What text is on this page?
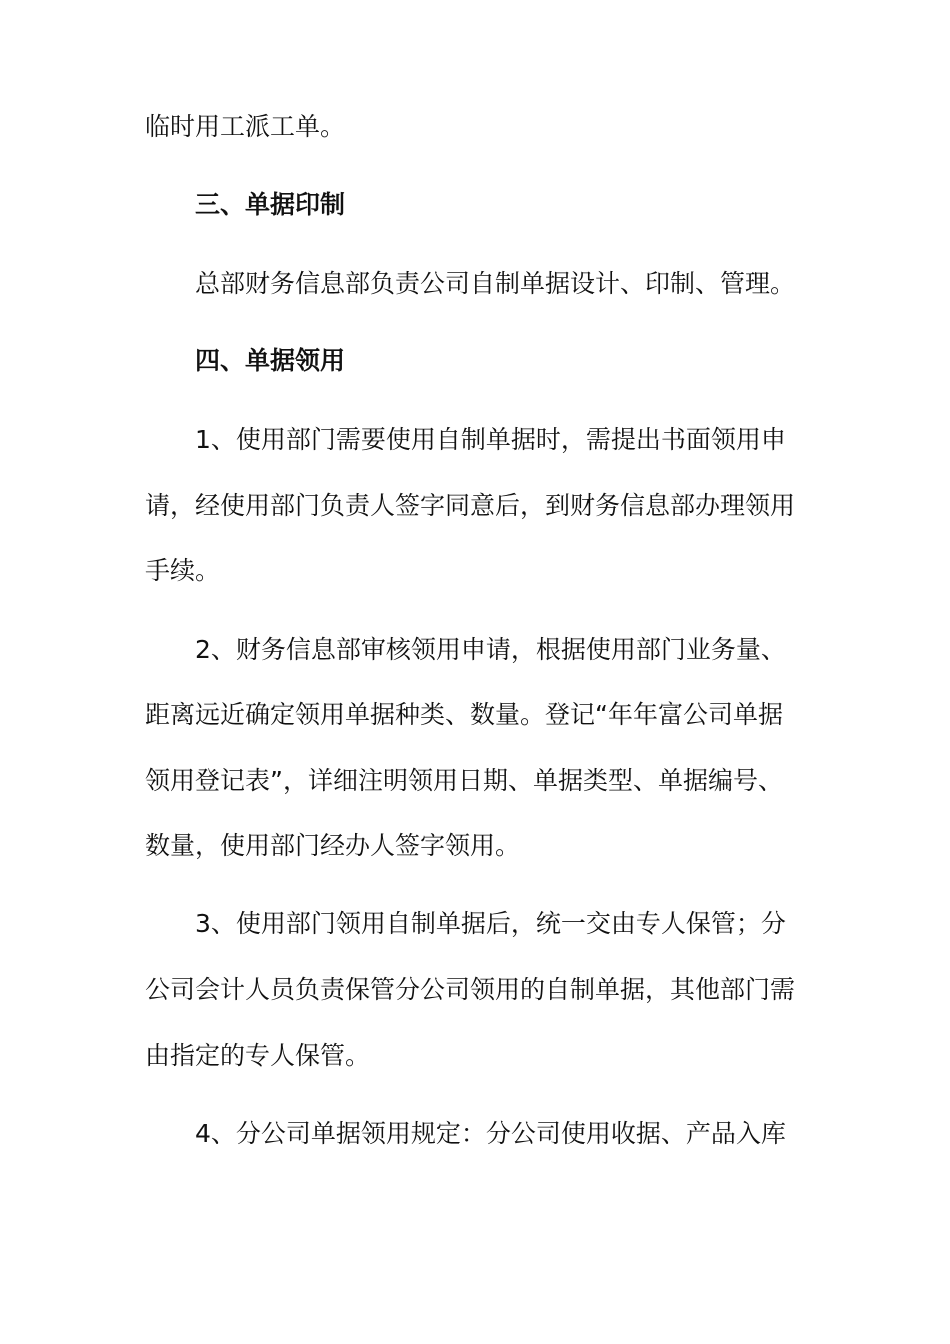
临时用工派工单。
三、单据印制
总部财务信息部负责公司自制单据设计、印制、管理。
四、单据领用
1、使用部门需要使用自制单据时，需提出书面领用申
请，经使用部门负责人签字同意后，到财务信息部办理领用
手续。
2、财务信息部审核领用申请，根据使用部门业务量、
距离远近确定领用单据种类、数量。登记“年年富公司单据
领用登记表”，详细注明领用日期、单据类型、单据编号、
数量，使用部门经办人签字领用。
3、使用部门领用自制单据后，统一交由专人保管；分
公司会计人员负责保管分公司领用的自制单据，其他部门需
由指定的专人保管。
4、分公司单据领用规定：分公司使用收据、产品入库
